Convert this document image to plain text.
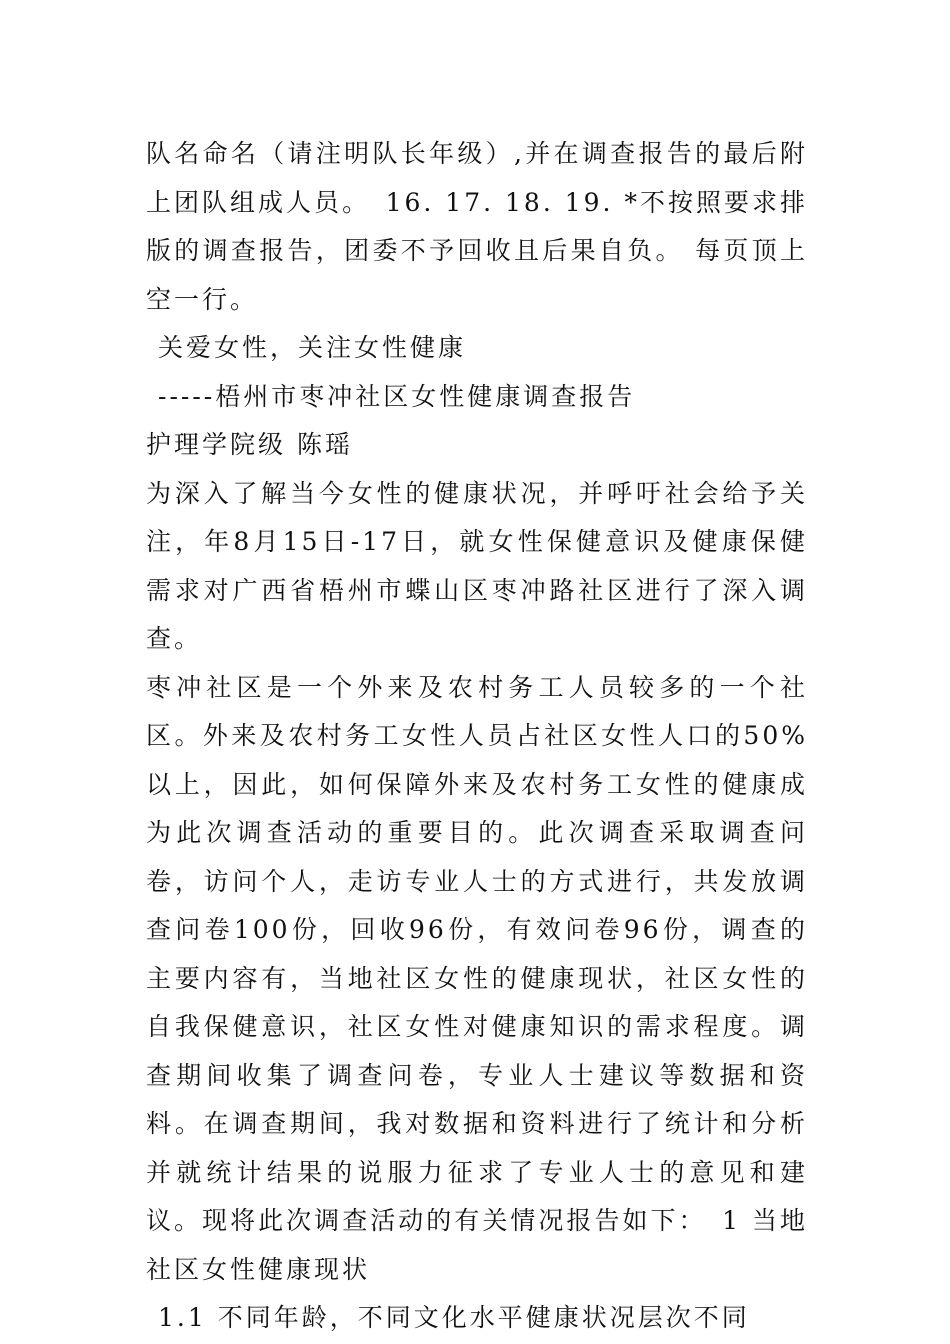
队名命名（请注明队长年级）,并在调查报告的最后附上团队组成人员。　16. 17. 18. 19. *不按照要求排版的调查报告，团委不予回收且后果自负。 每页顶上空一行。

关爱女性，关注女性健康

-----梧州市枣冲社区女性健康调查报告

护理学院级 陈瑶

为深入了解当今女性的健康状况，并呼吁社会给予关注，年8月15日-17日，就女性保健意识及健康保健需求对广西省梧州市蝶山区枣冲路社区进行了深入调查。

枣冲社区是一个外来及农村务工人员较多的一个社区。外来及农村务工女性人员占社区女性人口的50%以上，因此，如何保障外来及农村务工女性的健康成为此次调查活动的重要目的。此次调查采取调查问卷，访问个人，走访专业人士的方式进行，共发放调查问卷100份，回收96份，有效问卷96份，调查的主要内容有，当地社区女性的健康现状，社区女性的自我保健意识，社区女性对健康知识的需求程度。调查期间收集了调查问卷，专业人士建议等数据和资料。在调查期间，我对数据和资料进行了统计和分析并就统计结果的说服力征求了专业人士的意见和建议。现将此次调查活动的有关情况报告如下：　1 当地社区女性健康现状

1.1 不同年龄，不同文化水平健康状况层次不同
